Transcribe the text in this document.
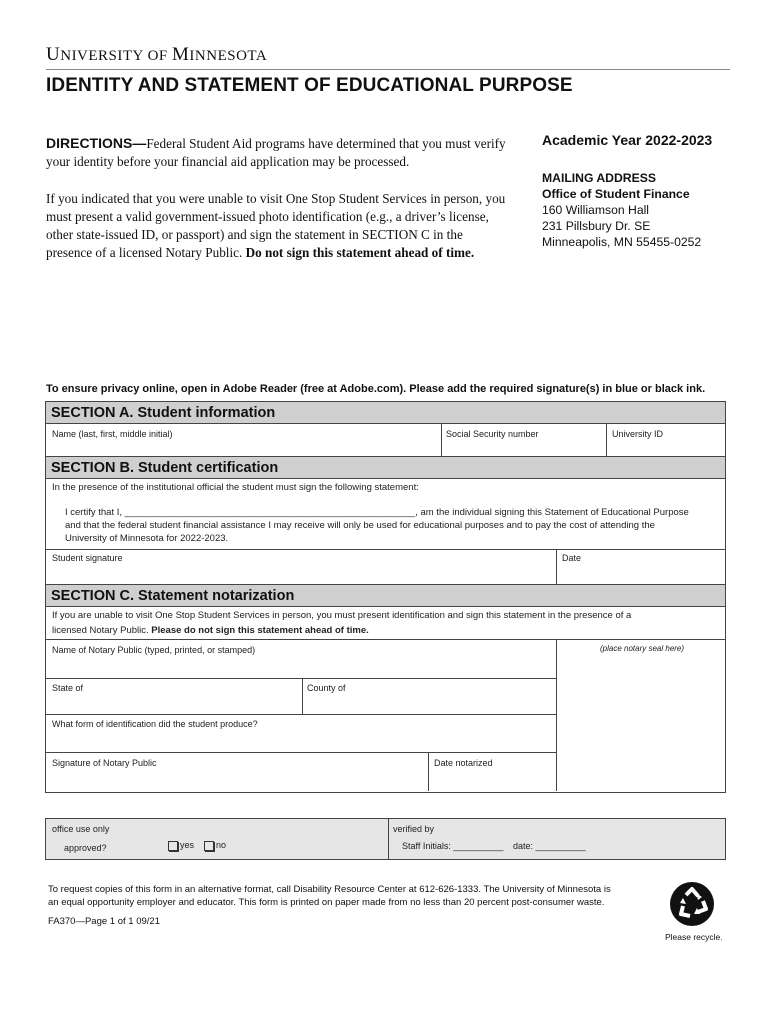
UNIVERSITY OF MINNESOTA
IDENTITY AND STATEMENT OF EDUCATIONAL PURPOSE
DIRECTIONS—Federal Student Aid programs have determined that you must verify your identity before your financial aid application may be processed.
If you indicated that you were unable to visit One Stop Student Services in person, you must present a valid government-issued photo identification (e.g., a driver’s license, other state-issued ID, or passport) and sign the statement in SECTION C in the presence of a licensed Notary Public. Do not sign this statement ahead of time.
Academic Year 2022-2023
MAILING ADDRESS
Office of Student Finance
160 Williamson Hall
231 Pillsbury Dr. SE
Minneapolis, MN 55455-0252
To ensure privacy online, open in Adobe Reader (free at Adobe.com). Please add the required signature(s) in blue or black ink.
SECTION A. Student information
Name (last, first, middle initial)	Social Security number	University ID
SECTION B. Student certification
In the presence of the institutional official the student must sign the following statement:
I certify that I, _______________________________________________________, am the individual signing this Statement of Educational Purpose
and that the federal student financial assistance I may receive will only be used for educational purposes and to pay the cost of attending the
University of Minnesota for 2022-2023.
Student signature	Date
SECTION C. Statement notarization
If you are unable to visit One Stop Student Services in person, you must present identification and sign this statement in the presence of a
licensed Notary Public. Please do not sign this statement ahead of time.
Name of Notary Public (typed, printed, or stamped)	(place notary seal here)
State of	County of
What form of identification did the student produce?
Signature of Notary Public	Date notarized
office use only
approved?	yes	no
verified by
Staff Initials: __________ date: __________
To request copies of this form in an alternative format, call Disability Resource Center at 612-626-1333. The University of Minnesota is
an equal opportunity employer and educator. This form is printed on paper made from no less than 20 percent post-consumer waste.
FA370—Page 1 of 1 09/21
Please recycle.
